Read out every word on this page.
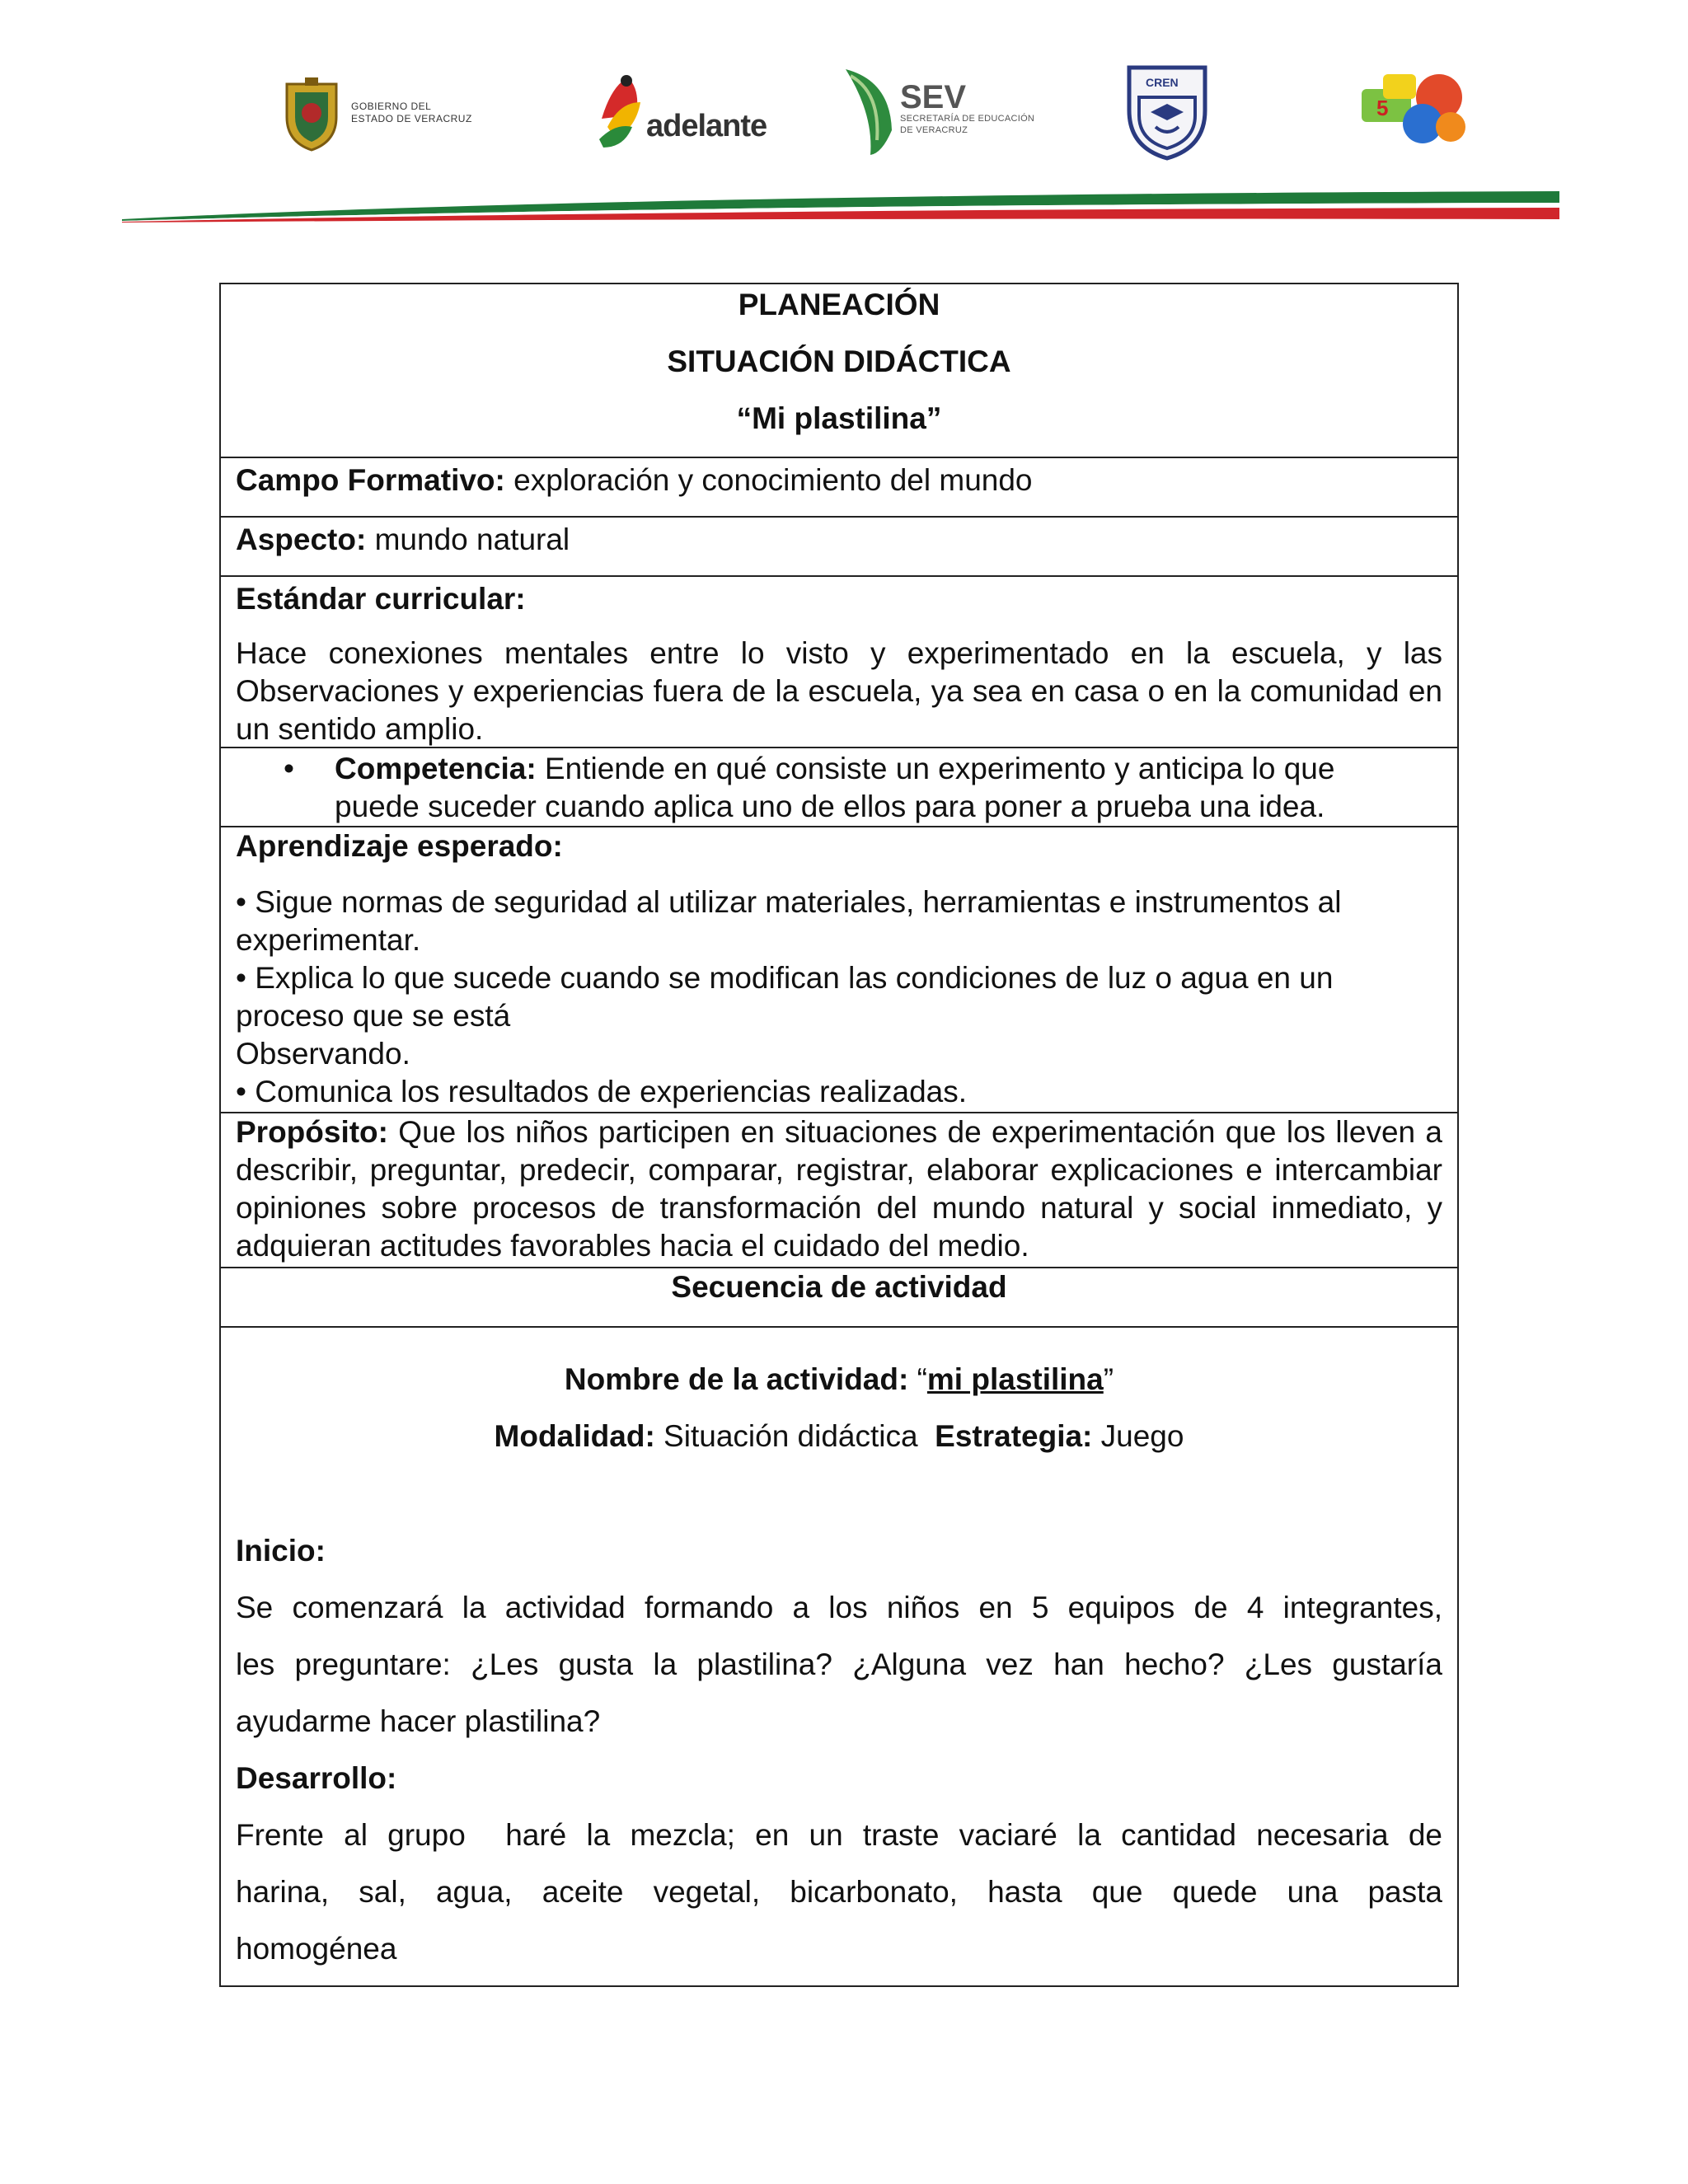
GOBIERNO DEL
ESTADO DE VERACRUZ	adelante
SEV
SECRETARÍA DE EDUCACIÓN
DE VERACRUZ
CREN
5
PLANEACIÓN
SITUACIÓN DIDÁCTICA
“Mi plastilina”
Campo Formativo: exploración y conocimiento del mundo
Aspecto: mundo natural
Estándar curricular:
Hace conexiones mentales entre lo visto y experimentado en la escuela, y las Observaciones y experiencias fuera de la escuela, ya sea en casa o en la comunidad en un sentido amplio.
•	Competencia: Entiende en qué consiste un experimento y anticipa lo que puede suceder cuando aplica uno de ellos para poner a prueba una idea.
Aprendizaje esperado:
• Sigue normas de seguridad al utilizar materiales, herramientas e instrumentos al experimentar.
• Explica lo que sucede cuando se modifican las condiciones de luz o agua en un proceso que se está
Observando.
• Comunica los resultados de experiencias realizadas.
Propósito: Que los niños participen en situaciones de experimentación que los lleven a describir, preguntar, predecir, comparar, registrar, elaborar explicaciones e intercambiar opiniones sobre procesos de transformación del mundo natural y social inmediato, y adquieran actitudes favorables hacia el cuidado del medio.
Secuencia de actividad
Nombre de la actividad: “mi plastilina”
Modalidad: Situación didáctica  Estrategia: Juego
Inicio:
Se comenzará la actividad formando a los niños en 5 equipos de 4 integrantes,
les preguntare: ¿Les gusta la plastilina? ¿Alguna vez han hecho? ¿Les gustaría
ayudarme hacer plastilina?
Desarrollo:
Frente al grupo  haré la mezcla; en un traste vaciaré la cantidad necesaria de
harina, sal, agua, aceite vegetal, bicarbonato, hasta que quede una pasta
homogénea
